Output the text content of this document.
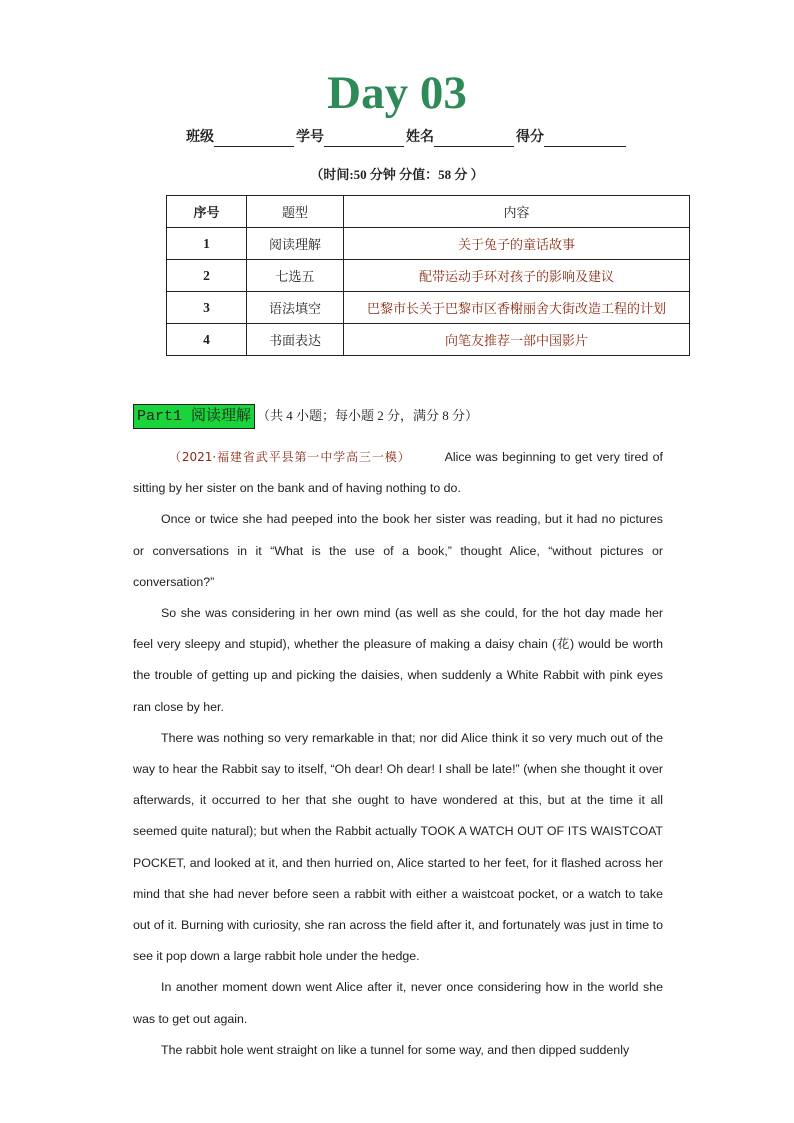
Day 03
班级	学号	姓名	得分
（时间:50 分钟 分值：58 分 ）
序号	题型	内容
1	阅读理解	关于兔子的童话故事
2	七选五	配带运动手环对孩子的影响及建议
3	语法填空	巴黎市长关于巴黎市区香榭丽舍大街改造工程的计划
4	书面表达	向笔友推荐一部中国影片
Part1 阅读理解 （共 4 小题；每小题 2 分，满分 8 分）

（2021·福建省武平县第一中学高三一模）	Alice was beginning to get very tired of sitting by her sister on the bank and of having nothing to do.

Once or twice she had peeped into the book her sister was reading, but it had no pictures or conversations in it “What is the use of a book,” thought Alice, “without pictures or conversation?”

So she was considering in her own mind (as well as she could, for the hot day made her feel very sleepy and stupid), whether the pleasure of making a daisy chain (花) would be worth the trouble of getting up and picking the daisies, when suddenly a White Rabbit with pink eyes ran close by her.

There was nothing so very remarkable in that; nor did Alice think it so very much out of the way to hear the Rabbit say to itself, “Oh dear! Oh dear! I shall be late!” (when she thought it over afterwards, it occurred to her that she ought to have wondered at this, but at the time it all seemed quite natural); but when the Rabbit actually TOOK A WATCH OUT OF ITS WAISTCOAT POCKET, and looked at it, and then hurried on, Alice started to her feet, for it flashed across her mind that she had never before seen a rabbit with either a waistcoat pocket, or a watch to take out of it. Burning with curiosity, she ran across the field after it, and fortunately was just in time to see it pop down a large rabbit hole under the hedge.

In another moment down went Alice after it, never once considering how in the world she was to get out again.

The rabbit hole went straight on like a tunnel for some way, and then dipped suddenly
